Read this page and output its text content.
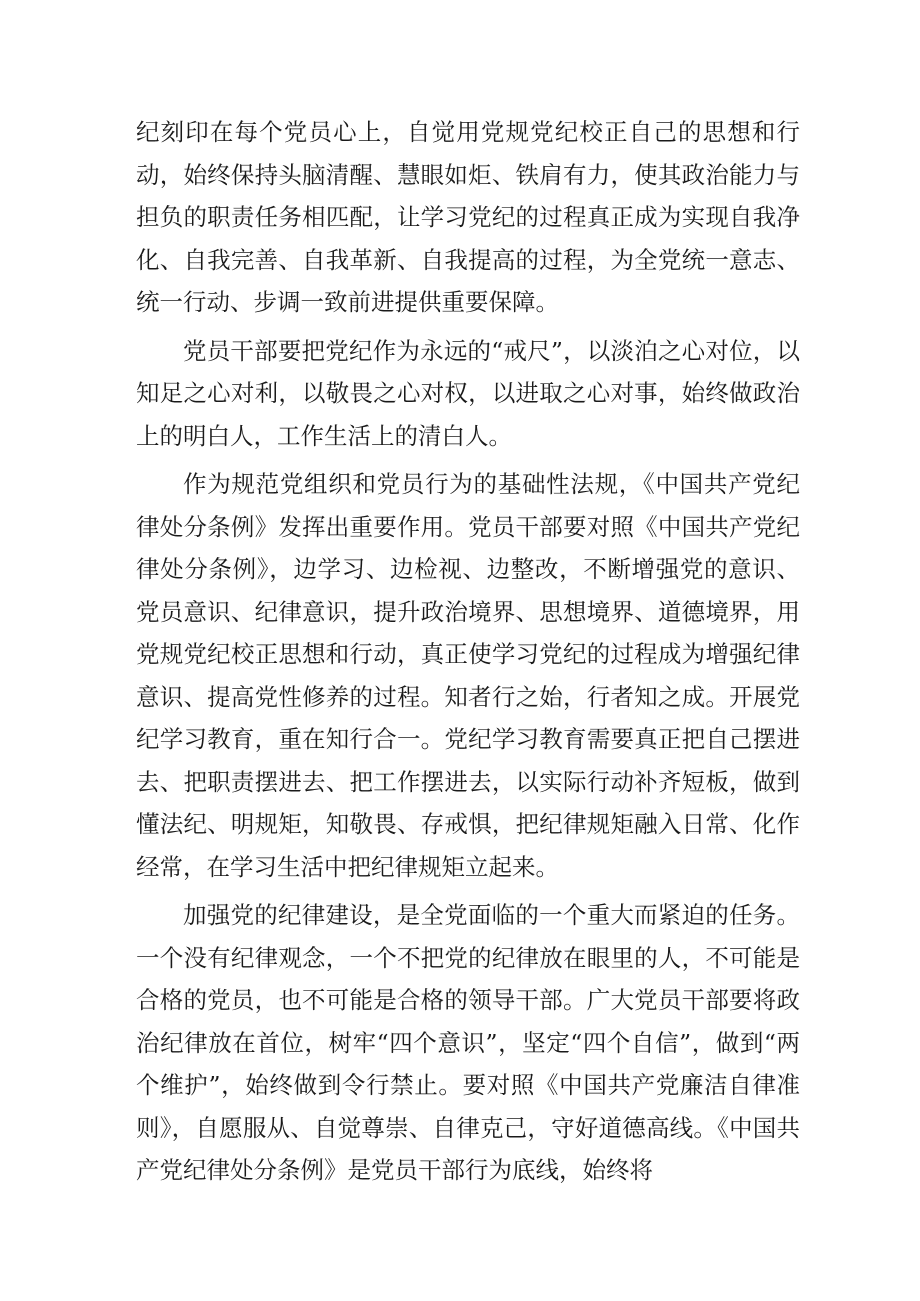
纪刻印在每个党员心上，自觉用党规党纪校正自己的思想和行动，始终保持头脑清醒、慧眼如炬、铁肩有力，使其政治能力与担负的职责任务相匹配，让学习党纪的过程真正成为实现自我净化、自我完善、自我革新、自我提高的过程，为全党统一意志、统一行动、步调一致前进提供重要保障。

党员干部要把党纪作为永远的“戒尺”，以淡泊之心对位，以知足之心对利，以敬畏之心对权，以进取之心对事，始终做政治上的明白人，工作生活上的清白人。

作为规范党组织和党员行为的基础性法规，《中国共产党纪律处分条例》发挥出重要作用。党员干部要对照《中国共产党纪律处分条例》，边学习、边检视、边整改，不断增强党的意识、党员意识、纪律意识，提升政治境界、思想境界、道德境界，用党规党纪校正思想和行动，真正使学习党纪的过程成为增强纪律意识、提高党性修养的过程。知者行之始，行者知之成。开展党纪学习教育，重在知行合一。党纪学习教育需要真正把自己摆进去、把职责摆进去、把工作摆进去，以实际行动补齐短板，做到懂法纪、明规矩，知敬畏、存戒惧，把纪律规矩融入日常、化作经常，在学习生活中把纪律规矩立起来。

加强党的纪律建设，是全党面临的一个重大而紧迫的任务。一个没有纪律观念，一个不把党的纪律放在眼里的人，不可能是合格的党员，也不可能是合格的领导干部。广大党员干部要将政治纪律放在首位，树牢“四个意识”，坚定“四个自信”，做到“两个维护”，始终做到令行禁止。要对照《中国共产党廉洁自律准则》，自愿服从、自觉尊崇、自律克己，守好道德高线。《中国共产党纪律处分条例》是党员干部行为底线，始终将
